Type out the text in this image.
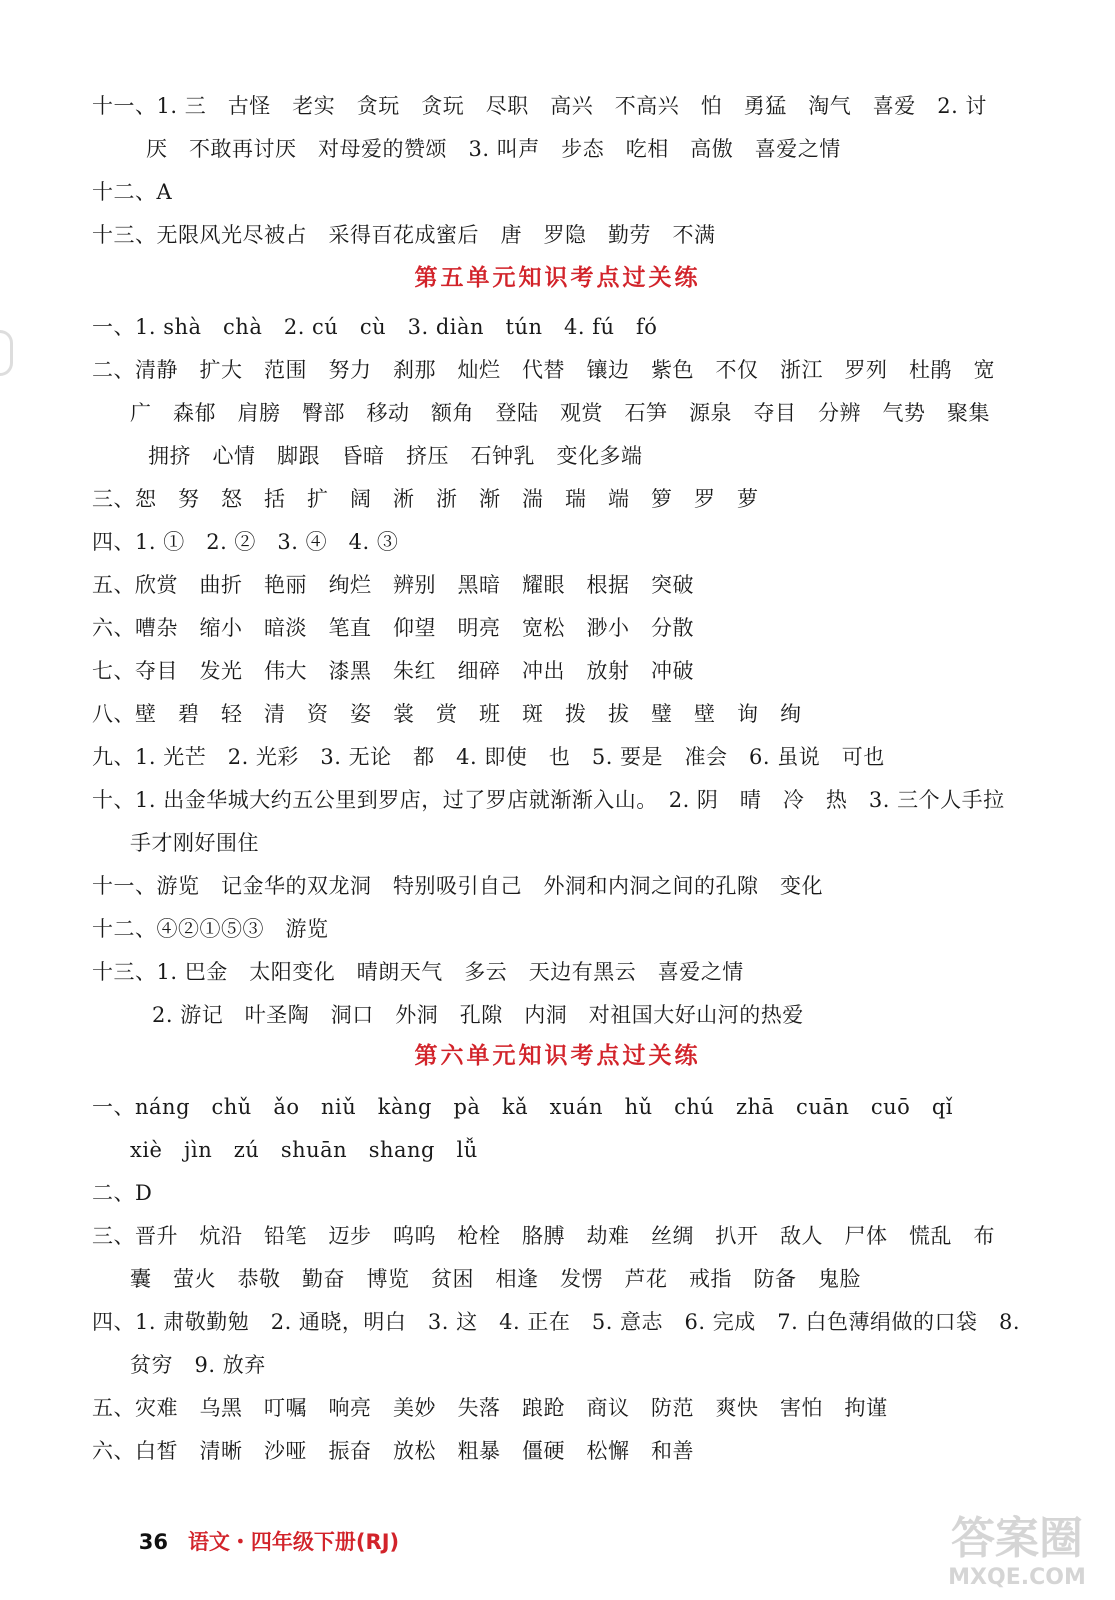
十一、1. 三　古怪　老实　贪玩　贪玩　尽职　高兴　不高兴　怕　勇猛　淘气　喜爱　2. 讨
厌　不敢再讨厌　对母爱的赞颂　3. 叫声　步态　吃相　高傲　喜爱之情
十二、A
十三、无限风光尽被占　采得百花成蜜后　唐　罗隐　勤劳　不满
第五单元知识考点过关练
一、1. shà　chà　2. cú　cù　3. diàn　tún　4. fú　fó
二、清静　扩大　范围　努力　刹那　灿烂　代替　镶边　紫色　不仅　浙江　罗列　杜鹃　宽
广　森郁　肩膀　臀部　移动　额角　登陆　观赏　石笋　源泉　夺目　分辨　气势　聚集
拥挤　心情　脚跟　昏暗　挤压　石钟乳　变化多端
三、恕　努　怒　括　扩　阔　淅　浙　渐　湍　瑞　端　箩　罗　萝
四、1. ①　2. ②　3. ④　4. ③
五、欣赏　曲折　艳丽　绚烂　辨别　黑暗　耀眼　根据　突破
六、嘈杂　缩小　暗淡　笔直　仰望　明亮　宽松　渺小　分散
七、夺目　发光　伟大　漆黑　朱红　细碎　冲出　放射　冲破
八、壁　碧　轻　清　资　姿　裳　赏　班　斑　拨　拔　璧　壁　询　绚
九、1. 光芒　2. 光彩　3. 无论　都　4. 即使　也　5. 要是　准会　6. 虽说　可也
十、1. 出金华城大约五公里到罗店，过了罗店就渐渐入山。　2. 阴　晴　冷　热　3. 三个人手拉
手才刚好围住
十一、游览　记金华的双龙洞　特别吸引自己　外洞和内洞之间的孔隙　变化
十二、④②①⑤③　游览
十三、1. 巴金　太阳变化　晴朗天气　多云　天边有黑云　喜爱之情
2. 游记　叶圣陶　洞口　外洞　孔隙　内洞　对祖国大好山河的热爱
第六单元知识考点过关练
一、náng　chǔ　ǎo　niǔ　kàng　pà　kǎ　xuán　hǔ　chú　zhā　cuān　cuō　qǐ
xiè　jìn　zú　shuān　shang　lǚ
二、D
三、晋升　炕沿　铅笔　迈步　呜呜　枪栓　胳膊　劫难　丝绸　扒开　敌人　尸体　慌乱　布
囊　萤火　恭敬　勤奋　博览　贫困　相逢　发愣　芦花　戒指　防备　鬼脸
四、1. 肃敬勤勉　2. 通晓，明白　3. 这　4. 正在　5. 意志　6. 完成　7. 白色薄绢做的口袋　8.
贫穷　9. 放弃
五、灾难　乌黑　叮嘱　响亮　美妙　失落　踉跄　商议　防范　爽快　害怕　拘谨
六、白皙　清晰　沙哑　振奋　放松　粗暴　僵硬　松懈　和善

36 语文・四年级下册(RJ)
	答案圈
MXQE.COM
